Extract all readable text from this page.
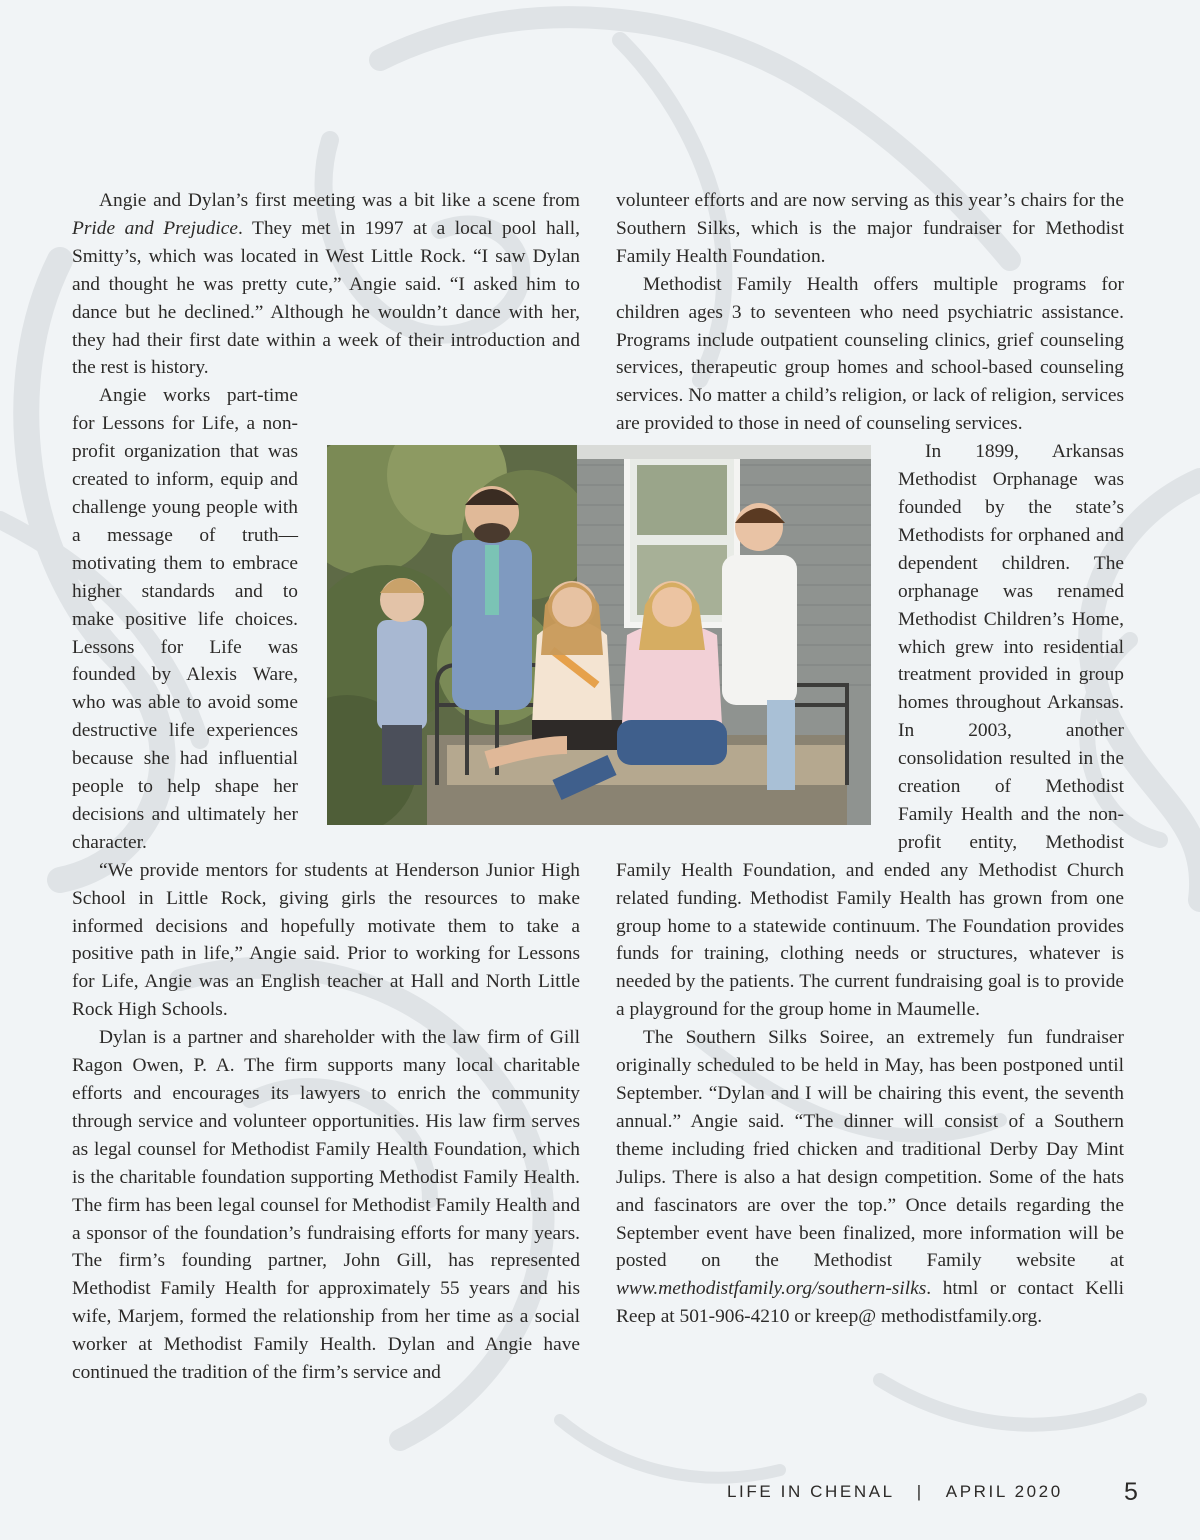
Angie and Dylan’s first meeting was a bit like a scene from Pride and Prejudice. They met in 1997 at a local pool hall, Smitty’s, which was located in West Little Rock. “I saw Dylan and thought he was pretty cute,” Angie said. “I asked him to dance but he declined.” Although he wouldn’t dance with her, they had their first date within a week of their introduction and the rest is history.

Angie works part-time for Lessons for Life, a non-profit organization that was created to inform, equip and challenge young people with a message of truth—motivating them to embrace higher standards and to make positive life choices. Lessons for Life was founded by Alexis Ware, who was able to avoid some destructive life experiences because she had influential people to help shape her decisions and ultimately her character.

“We provide mentors for students at Henderson Junior High School in Little Rock, giving girls the resources to make informed decisions and hopefully motivate them to take a positive path in life,” Angie said. Prior to working for Lessons for Life, Angie was an English teacher at Hall and North Little Rock High Schools.

Dylan is a partner and shareholder with the law firm of Gill Ragon Owen, P. A. The firm supports many local charitable efforts and encourages its lawyers to enrich the community through service and volunteer opportunities. His law firm serves as legal counsel for Methodist Family Health Foundation, which is the charitable foundation supporting Methodist Family Health. The firm has been legal counsel for Methodist Family Health and a sponsor of the foundation’s fundraising efforts for many years. The firm’s founding partner, John Gill, has represented Methodist Family Health for approximately 55 years and his wife, Marjem, formed the relationship from her time as a social worker at Methodist Family Health. Dylan and Angie have continued the tradition of the firm’s service and

volunteer efforts and are now serving as this year’s chairs for the Southern Silks, which is the major fundraiser for Methodist Family Health Foundation.

Methodist Family Health offers multiple programs for children ages 3 to seventeen who need psychiatric assistance. Programs include outpatient counseling clinics, grief counseling services, therapeutic group homes and school-based counseling services. No matter a child’s religion, or lack of religion, services are provided to those in need of counseling services.

In 1899, Arkansas Methodist Orphanage was founded by the state’s Methodists for orphaned and dependent children. The orphanage was renamed Methodist Children’s Home, which grew into residential treatment provided in group homes throughout Arkansas. In 2003, another consolidation resulted in the creation of Methodist Family Health and the non-profit entity, Methodist Family Health Foundation, and ended any Methodist Church related funding. Methodist Family Health has grown from one group home to a statewide continuum. The Foundation provides funds for training, clothing needs or structures, whatever is needed by the patients. The current fundraising goal is to provide a playground for the group home in Maumelle.

The Southern Silks Soiree, an extremely fun fundraiser originally scheduled to be held in May, has been postponed until September. “Dylan and I will be chairing this event, the seventh annual.” Angie said. “The dinner will consist of a Southern theme including fried chicken and traditional Derby Day Mint Julips. There is also a hat design competition. Some of the hats and fascinators are over the top.” Once details regarding the September event have been finalized, more information will be posted on the Methodist Family website at www.methodistfamily.org/southern-silks. html or contact Kelli Reep at 501-906-4210 or kreep@ methodistfamily.org.

LIFE IN CHENAL | APRIL 2020 5
